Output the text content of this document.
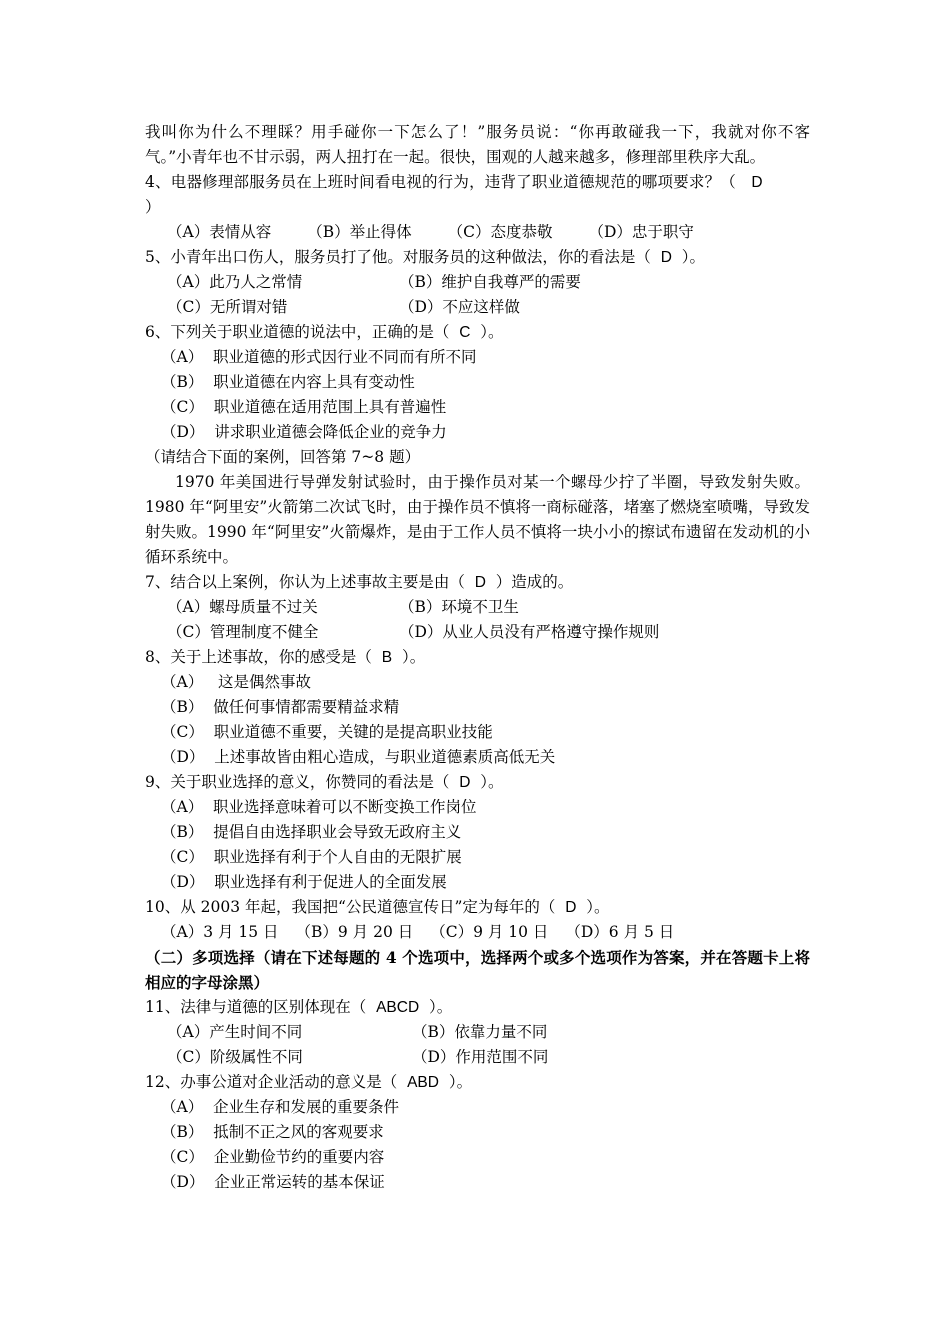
我叫你为什么不理睬？用手碰你一下怎么了！”服务员说：“你再敢碰我一下，我就对你不客气。”小青年也不甘示弱，两人扭打在一起。很快，围观的人越来越多，修理部里秩序大乱。
4、电器修理部服务员在上班时间看电视的行为，违背了职业道德规范的哪项要求？（ D
）
（A）表情从容 （B）举止得体 （C）态度恭敬 （D）忠于职守
5、小青年出口伤人，服务员打了他。对服务员的这种做法，你的看法是（ D ）。
（A）此乃人之常情	（B）维护自我尊严的需要
（C）无所谓对错	（D）不应这样做
6、下列关于职业道德的说法中，正确的是（ C ）。
（A）  职业道德的形式因行业不同而有所不同
（B）  职业道德在内容上具有变动性
（C）  职业道德在适用范围上具有普遍性
（D）  讲求职业道德会降低企业的竞争力
（请结合下面的案例，回答第 7~8 题）
1970 年美国进行导弹发射试验时，由于操作员对某一个螺母少拧了半圈，导致发射失败。1980 年“阿里安”火箭第二次试飞时，由于操作员不慎将一商标碰落，堵塞了燃烧室喷嘴，导致发射失败。1990 年“阿里安”火箭爆炸，是由于工作人员不慎将一块小小的擦试布遗留在发动机的小循环系统中。
7、结合以上案例，你认为上述事故主要是由（ D ）造成的。
（A）螺母质量不过关	（B）环境不卫生
（C）管理制度不健全	（D）从业人员没有严格遵守操作规则
8、关于上述事故，你的感受是（ B ）。
（A）   这是偶然事故
（B）  做任何事情都需要精益求精
（C）  职业道德不重要，关键的是提高职业技能
（D）  上述事故皆由粗心造成，与职业道德素质高低无关
9、关于职业选择的意义，你赞同的看法是（ D ）。
（A）  职业选择意味着可以不断变换工作岗位
（B）  提倡自由选择职业会导致无政府主义
（C）  职业选择有利于个人自由的无限扩展
（D）  职业选择有利于促进人的全面发展
10、从 2003 年起，我国把“公民道德宣传日”定为每年的（ D ）。
（A）3 月 15 日 （B）9 月 20 日 （C）9 月 10 日 （D）6 月 5 日
（二）多项选择（请在下述每题的 4 个选项中，选择两个或多个选项作为答案，并在答题卡上将相应的字母涂黑）
11、法律与道德的区别体现在（ ABCD ）。
（A）产生时间不同	（B）依靠力量不同
（C）阶级属性不同	（D）作用范围不同
12、办事公道对企业活动的意义是（ ABD ）。
（A）  企业生存和发展的重要条件
（B）  抵制不正之风的客观要求
（C）  企业勤俭节约的重要内容
（D）  企业正常运转的基本保证
